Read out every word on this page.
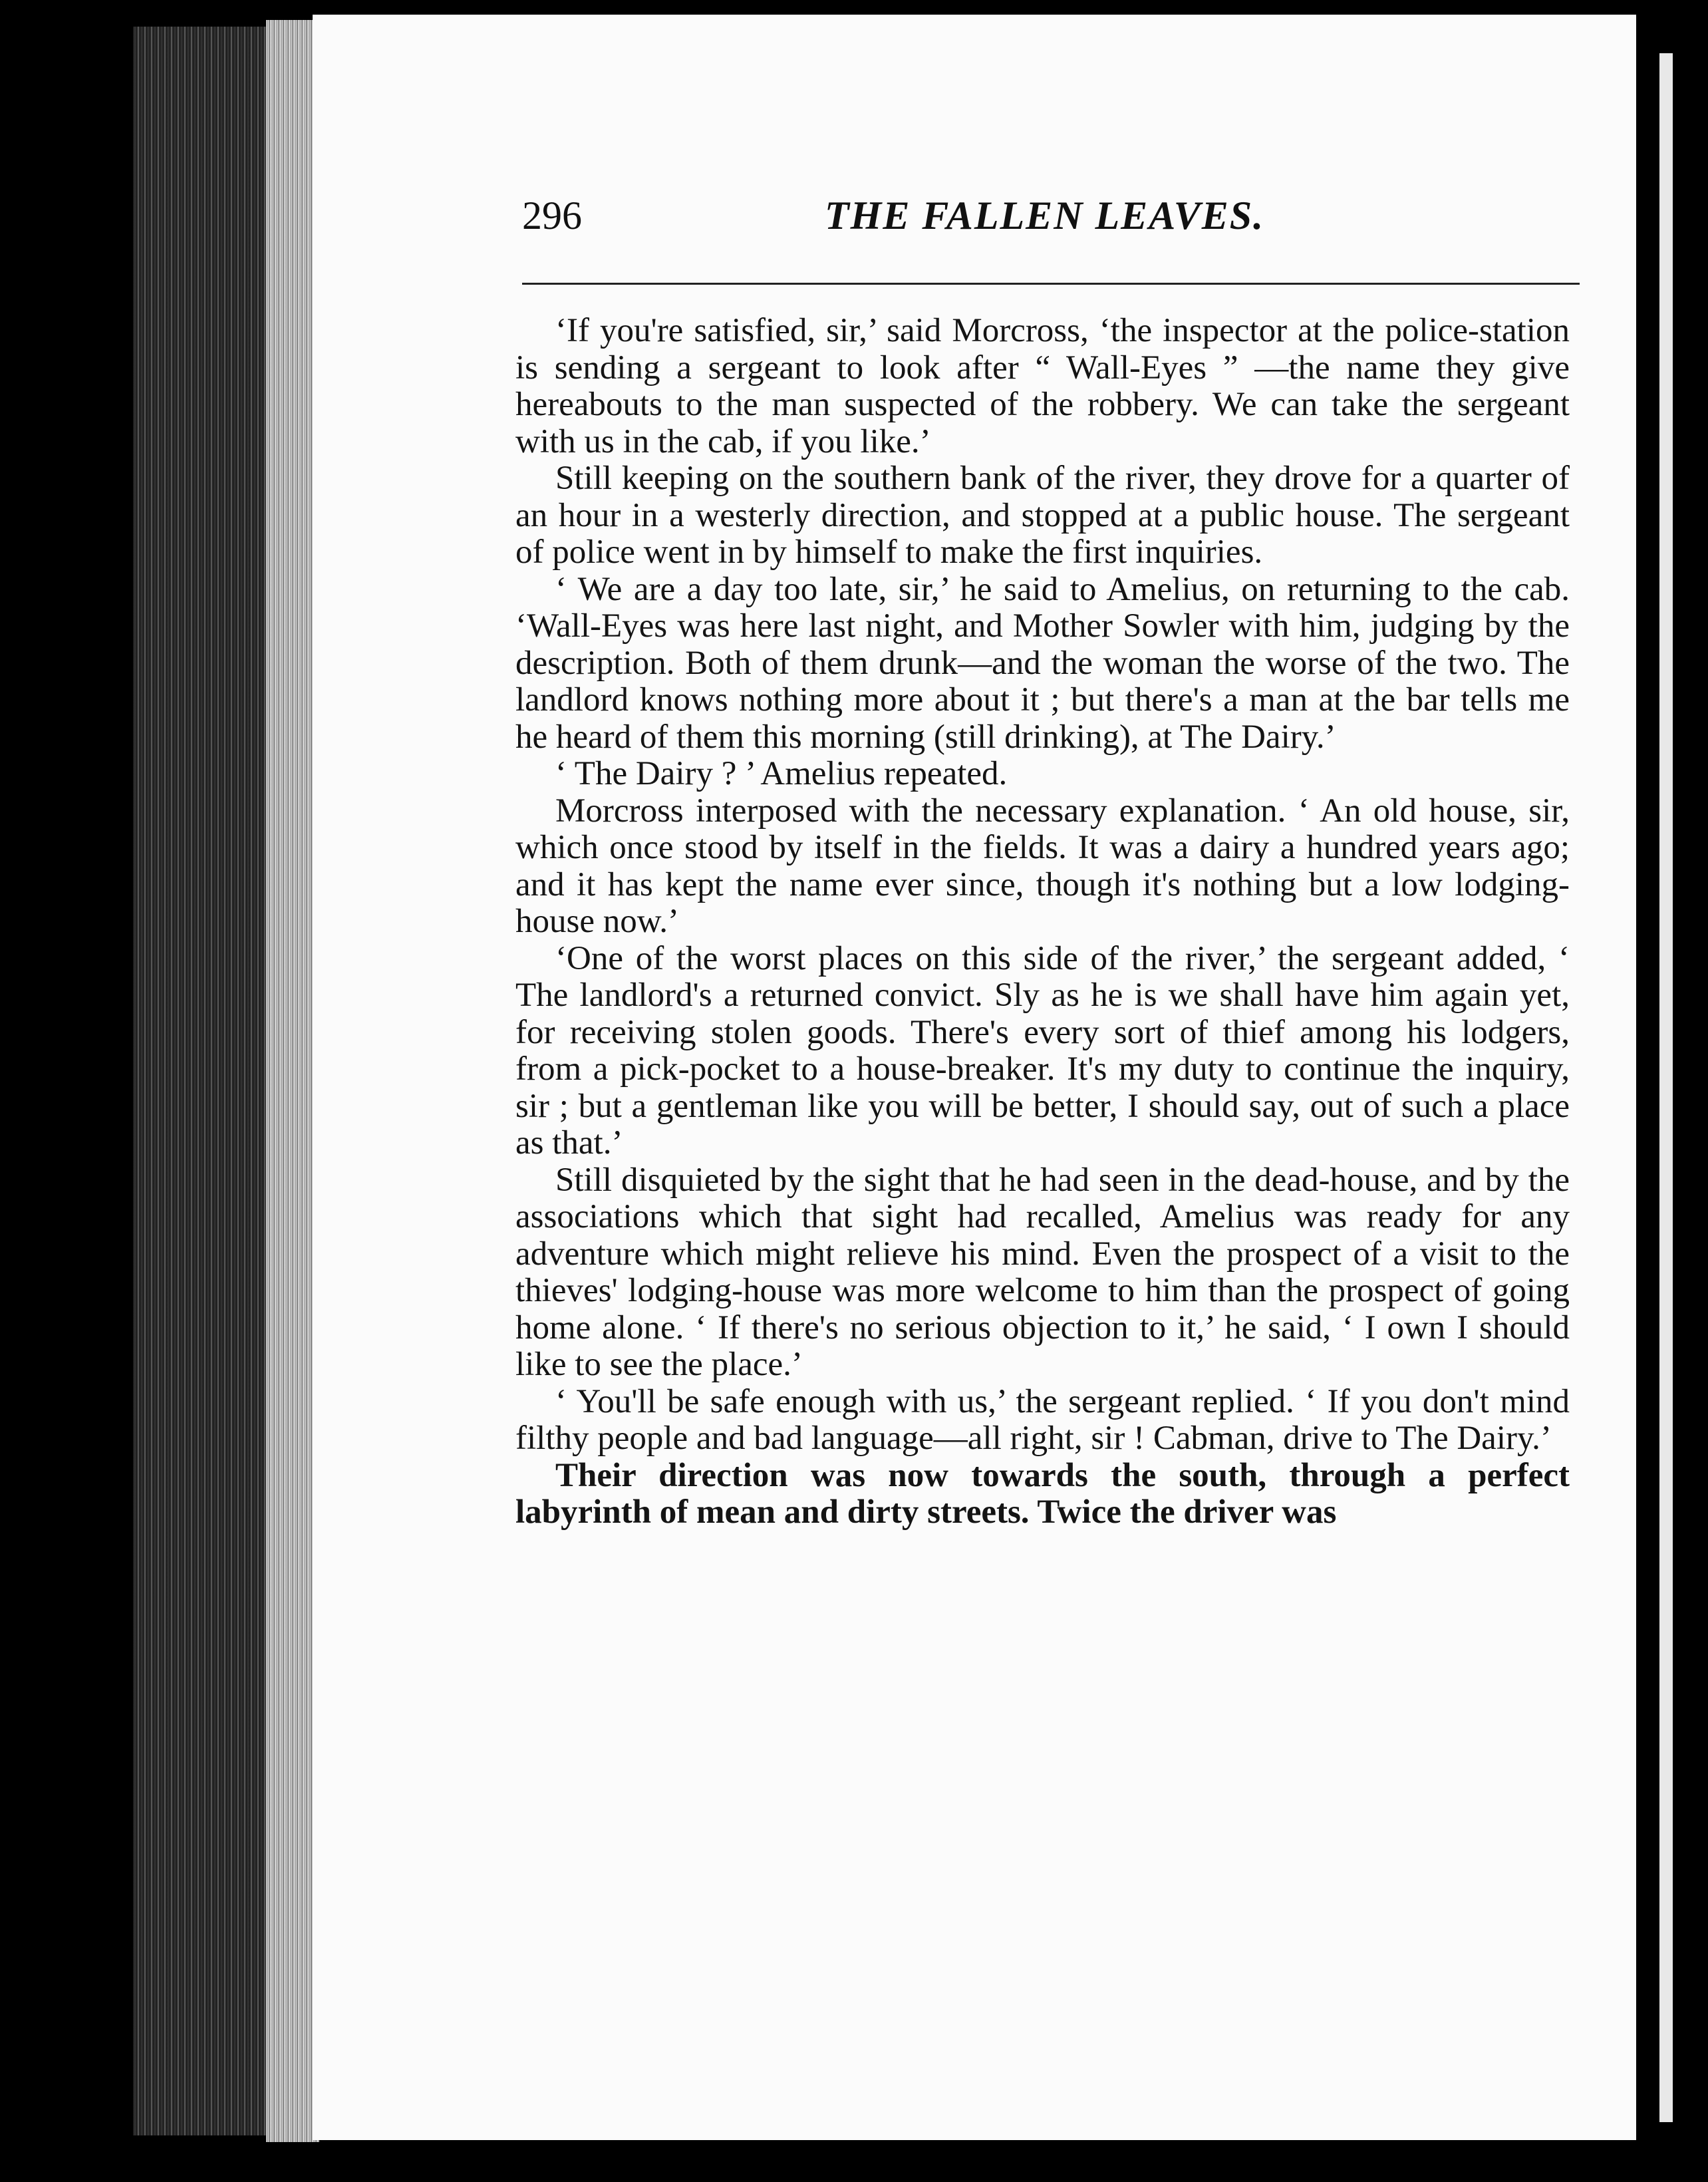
296	THE FALLEN LEAVES.

‘If you're satisfied, sir,’ said Morcross, ‘the inspector at the police-station is sending a sergeant to look after “ Wall-Eyes ” —the name they give hereabouts to the man suspected of the robbery. We can take the sergeant with us in the cab, if you like.’

Still keeping on the southern bank of the river, they drove for a quarter of an hour in a westerly direction, and stopped at a public house. The sergeant of police went in by himself to make the first inquiries.

‘ We are a day too late, sir,’ he said to Amelius, on returning to the cab. ‘Wall-Eyes was here last night, and Mother Sowler with him, judging by the description. Both of them drunk—and the woman the worse of the two. The landlord knows nothing more about it ; but there's a man at the bar tells me he heard of them this morning (still drinking), at The Dairy.’

‘ The Dairy ? ’ Amelius repeated.

Morcross interposed with the necessary explanation. ‘ An old house, sir, which once stood by itself in the fields. It was a dairy a hundred years ago; and it has kept the name ever since, though it's nothing but a low lodging-house now.’

‘One of the worst places on this side of the river,’ the sergeant added, ‘ The landlord's a returned convict. Sly as he is we shall have him again yet, for receiving stolen goods. There's every sort of thief among his lodgers, from a pick-pocket to a house-breaker. It's my duty to continue the inquiry, sir ; but a gentleman like you will be better, I should say, out of such a place as that.’

Still disquieted by the sight that he had seen in the dead-house, and by the associations which that sight had recalled, Amelius was ready for any adventure which might relieve his mind. Even the prospect of a visit to the thieves' lodging-house was more welcome to him than the prospect of going home alone. ‘ If there's no serious objection to it,’ he said, ‘ I own I should like to see the place.’

‘ You'll be safe enough with us,’ the sergeant replied. ‘ If you don't mind filthy people and bad language—all right, sir ! Cabman, drive to The Dairy.’

Their direction was now towards the south, through a perfect labyrinth of mean and dirty streets. Twice the driver was
